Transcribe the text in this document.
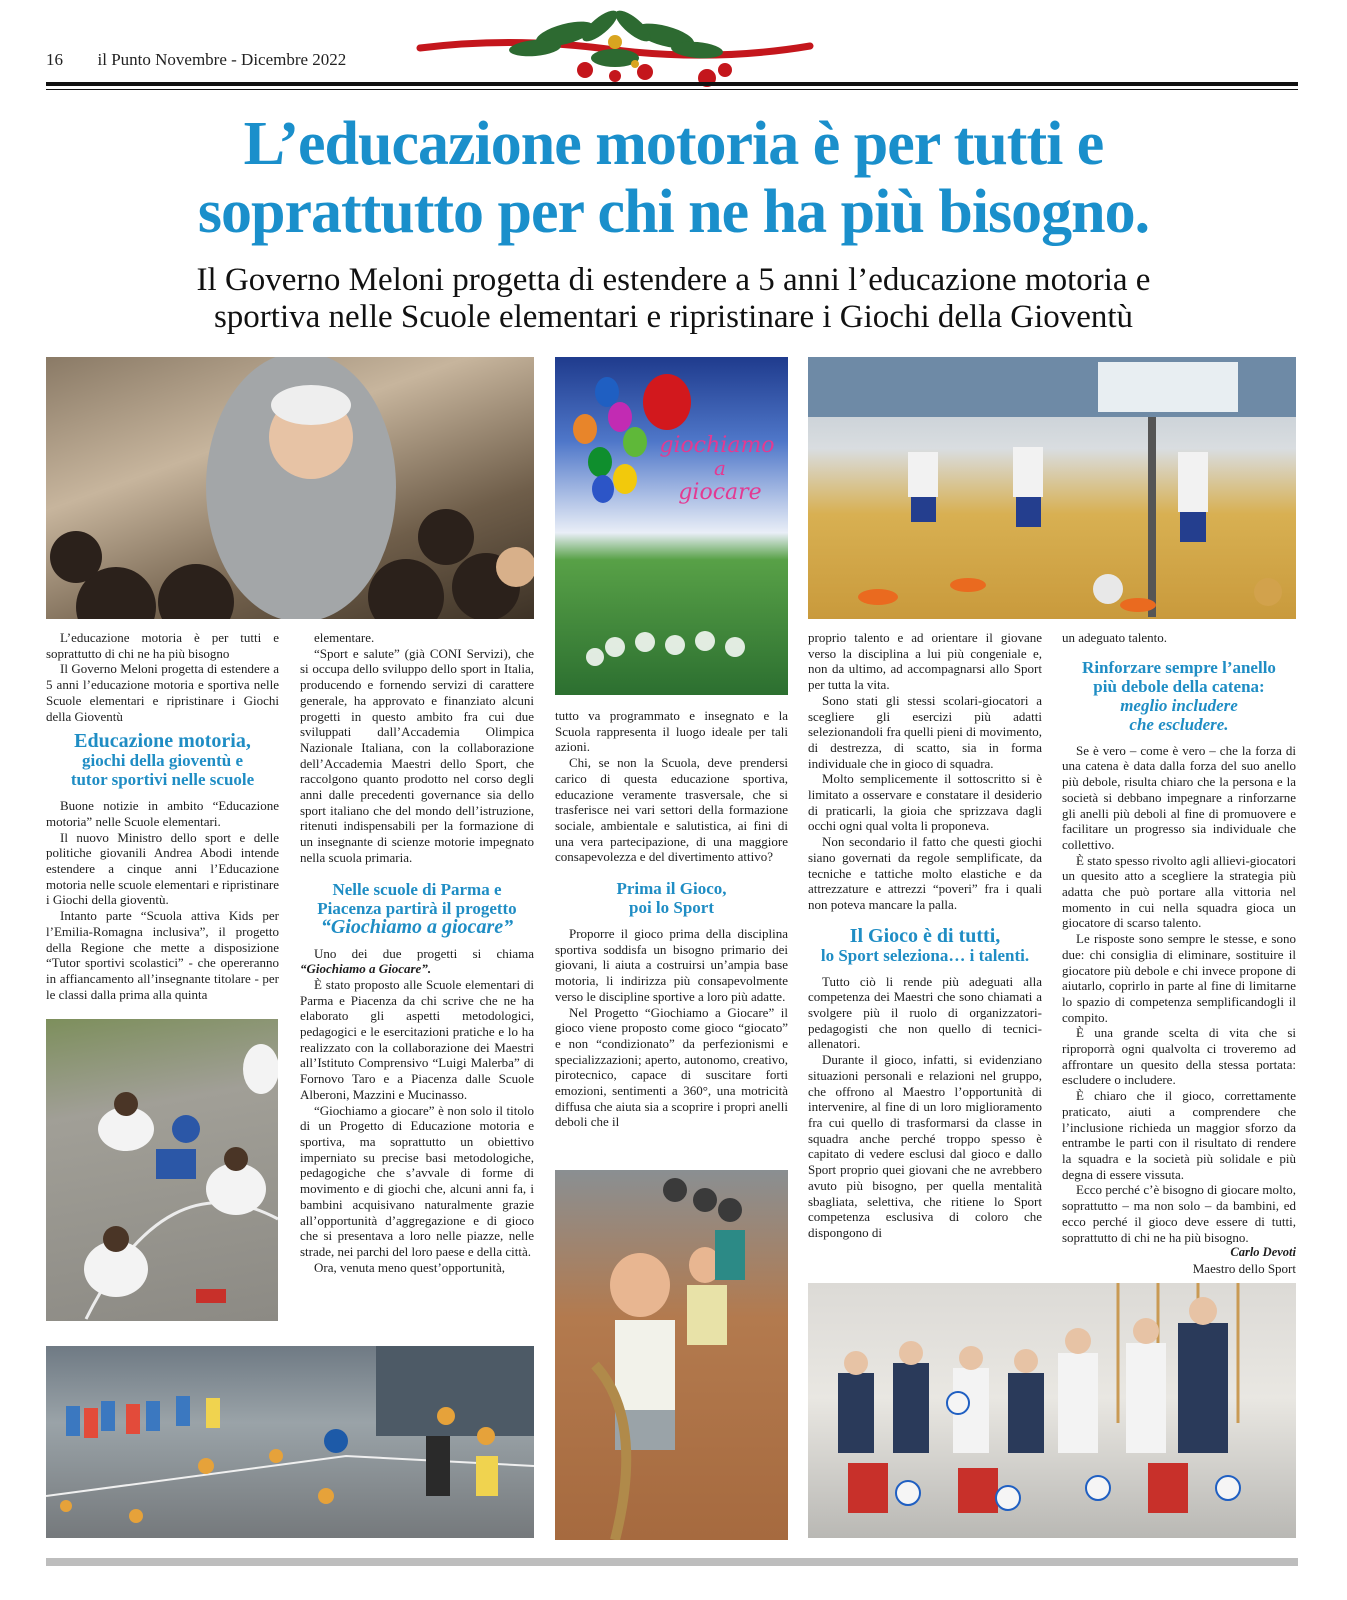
16 il Punto Novembre - Dicembre 2022
L’educazione motoria è per tutti e
soprattutto per chi ne ha più bisogno.
Il Governo Meloni progetta di estendere a 5 anni l’educazione motoria e
sportiva nelle Scuole elementari e ripristinare i Giochi della Gioventù
giochiamo
a
giocare

L’educazione motoria è per tutti e soprattutto di chi ne ha più bisogno

Il Governo Meloni progetta di estendere a 5 anni l’educazione motoria e sportiva nelle Scuole elementari e ripristinare i Giochi della Gioventù

Educazione motoria,
giochi della gioventù e
tutor sportivi nelle scuole

Buone notizie in ambito “Educazione motoria” nelle Scuole elementari.

Il nuovo Ministro dello sport e delle politiche giovanili Andrea Abodi intende estendere a cinque anni l’Educazione motoria nelle scuole elementari e ripristinare i Giochi della gioventù.

Intanto parte “Scuola attiva Kids per l’Emilia-Romagna inclusiva”, il progetto della Regione che mette a disposizione “Tutor sportivi scolastici” - che opereranno in affiancamento all’insegnante titolare - per le classi dalla prima alla quinta

elementare.

“Sport e salute” (già CONI Servizi), che si occupa dello sviluppo dello sport in Italia, producendo e fornendo servizi di carattere generale, ha approvato e finanziato alcuni progetti in questo ambito fra cui due sviluppati dall’Accademia Olimpica Nazionale Italiana, con la collaborazione dell’Accademia Maestri dello Sport, che raccolgono quanto prodotto nel corso degli anni dalle precedenti governance sia dello sport italiano che del mondo dell’istruzione, ritenuti indispensabili per la formazione di un insegnante di scienze motorie impegnato nella scuola primaria.

Nelle scuole di Parma e
Piacenza partirà il progetto
“Giochiamo a giocare”

Uno dei due progetti si chiama “Giochiamo a Giocare”.

È stato proposto alle Scuole elementari di Parma e Piacenza da chi scrive che ne ha elaborato gli aspetti metodologici, pedagogici e le esercitazioni pratiche e lo ha realizzato con la collaborazione dei Maestri all’Istituto Comprensivo “Luigi Malerba” di Fornovo Taro e a Piacenza dalle Scuole Alberoni, Mazzini e Mucinasso.

“Giochiamo a giocare” è non solo il titolo di un Progetto di Educazione motoria e sportiva, ma soprattutto un obiettivo imperniato su precise basi metodologiche, pedagogiche che s’avvale di forme di movimento e di giochi che, alcuni anni fa, i bambini acquisivano naturalmente grazie all’opportunità d’aggregazione e di gioco che si presentava a loro nelle piazze, nelle strade, nei parchi del loro paese e della città.

Ora, venuta meno quest’opportunità,

tutto va programmato e insegnato e la Scuola rappresenta il luogo ideale per tali azioni.

Chi, se non la Scuola, deve prendersi carico di questa educazione sportiva, educazione veramente trasversale, che si trasferisce nei vari settori della formazione sociale, ambientale e salutistica, ai fini di una vera partecipazione, di una maggiore consapevolezza e del divertimento attivo?

Prima il Gioco,
poi lo Sport

Proporre il gioco prima della disciplina sportiva soddisfa un bisogno primario dei giovani, li aiuta a costruirsi un’ampia base motoria, li indirizza più consapevolmente verso le discipline sportive a loro più adatte.

Nel Progetto “Giochiamo a Giocare” il gioco viene proposto come gioco “giocato” e non “condizionato” da perfezionismi e specializzazioni; aperto, autonomo, creativo, pirotecnico, capace di suscitare forti emozioni, sentimenti a 360°, una motricità diffusa che aiuta sia a scoprire i propri anelli deboli che il

proprio talento e ad orientare il giovane verso la disciplina a lui più congeniale e, non da ultimo, ad accompagnarsi allo Sport per tutta la vita.

Sono stati gli stessi scolari-giocatori a scegliere gli esercizi più adatti selezionandoli fra quelli pieni di movimento, di destrezza, di scatto, sia in forma individuale che in gioco di squadra.

Molto semplicemente il sottoscritto si è limitato a osservare e constatare il desiderio di praticarli, la gioia che sprizzava dagli occhi ogni qual volta li proponeva.

Non secondario il fatto che questi giochi siano governati da regole semplificate, da tecniche e tattiche molto elastiche e da attrezzature e attrezzi “poveri” fra i quali non poteva mancare la palla.

Il Gioco è di tutti,
lo Sport seleziona… i talenti.

Tutto ciò li rende più adeguati alla competenza dei Maestri che sono chiamati a svolgere più il ruolo di organizzatori-pedagogisti che non quello di tecnici-allenatori.

Durante il gioco, infatti, si evidenziano situazioni personali e relazioni nel gruppo, che offrono al Maestro l’opportunità di intervenire, al fine di un loro miglioramento fra cui quello di trasformarsi da classe in squadra anche perché troppo spesso è capitato di vedere esclusi dal gioco e dallo Sport proprio quei giovani che ne avrebbero avuto più bisogno, per quella mentalità sbagliata, selettiva, che ritiene lo Sport competenza esclusiva di coloro che dispongono di

un adeguato talento.

Rinforzare sempre l’anello
più debole della catena:
meglio includere
che escludere.

Se è vero – come è vero – che la forza di una catena è data dalla forza del suo anello più debole, risulta chiaro che la persona e la società si debbano impegnare a rinforzarne gli anelli più deboli al fine di promuovere e facilitare un progresso sia individuale che collettivo.

È stato spesso rivolto agli allievi-giocatori un quesito atto a scegliere la strategia più adatta che può portare alla vittoria nel momento in cui nella squadra gioca un giocatore di scarso talento.

Le risposte sono sempre le stesse, e sono due: chi consiglia di eliminare, sostituire il giocatore più debole e chi invece propone di aiutarlo, coprirlo in parte al fine di limitarne lo spazio di competenza semplificandogli il compito.

È una grande scelta di vita che si riproporrà ogni qualvolta ci troveremo ad affrontare un quesito della stessa portata: escludere o includere.

È chiaro che il gioco, correttamente praticato, aiuti a comprendere che l’inclusione richieda un maggior sforzo da entrambe le parti con il risultato di rendere la squadra e la società più solidale e più degna di essere vissuta.

Ecco perché c’è bisogno di giocare molto, soprattutto – ma non solo – da bambini, ed ecco perché il gioco deve essere di tutti, soprattutto di chi ne ha più bisogno.

Carlo Devoti
Maestro dello Sport
